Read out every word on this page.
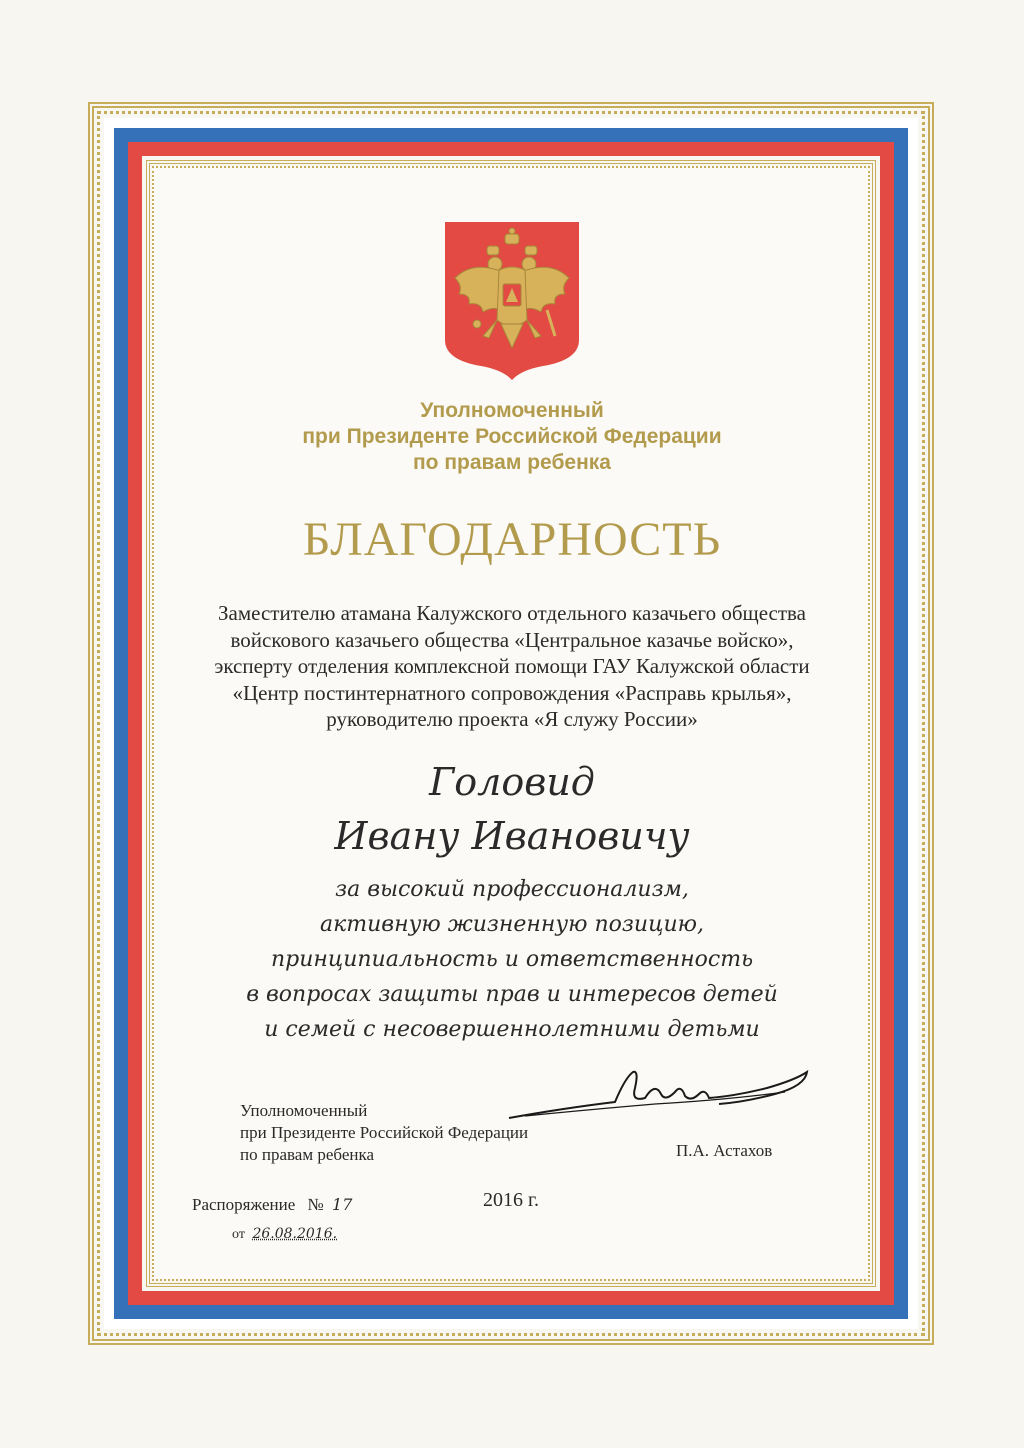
Уполномоченный
при Президенте Российской Федерации
по правам ребенка
БЛАГОДАРНОСТЬ
Заместителю атамана Калужского отдельного казачьего общества
войскового казачьего общества «Центральное казачье войско»,
эксперту отделения комплексной помощи ГАУ Калужской области
«Центр постинтернатного сопровождения «Расправь крылья»,
руководителю проекта «Я служу России»
Головид
Ивану Ивановичу
за высокий профессионализм,
активную жизненную позицию,
принципиальность и ответственность
в вопросах защиты прав и интересов детей
и семей с несовершеннолетними детьми
Уполномоченный
при Президенте Российской Федерации
по правам ребенка	П.А. Астахов
Распоряжение № 17	2016 г.
от 26.08.2016.
